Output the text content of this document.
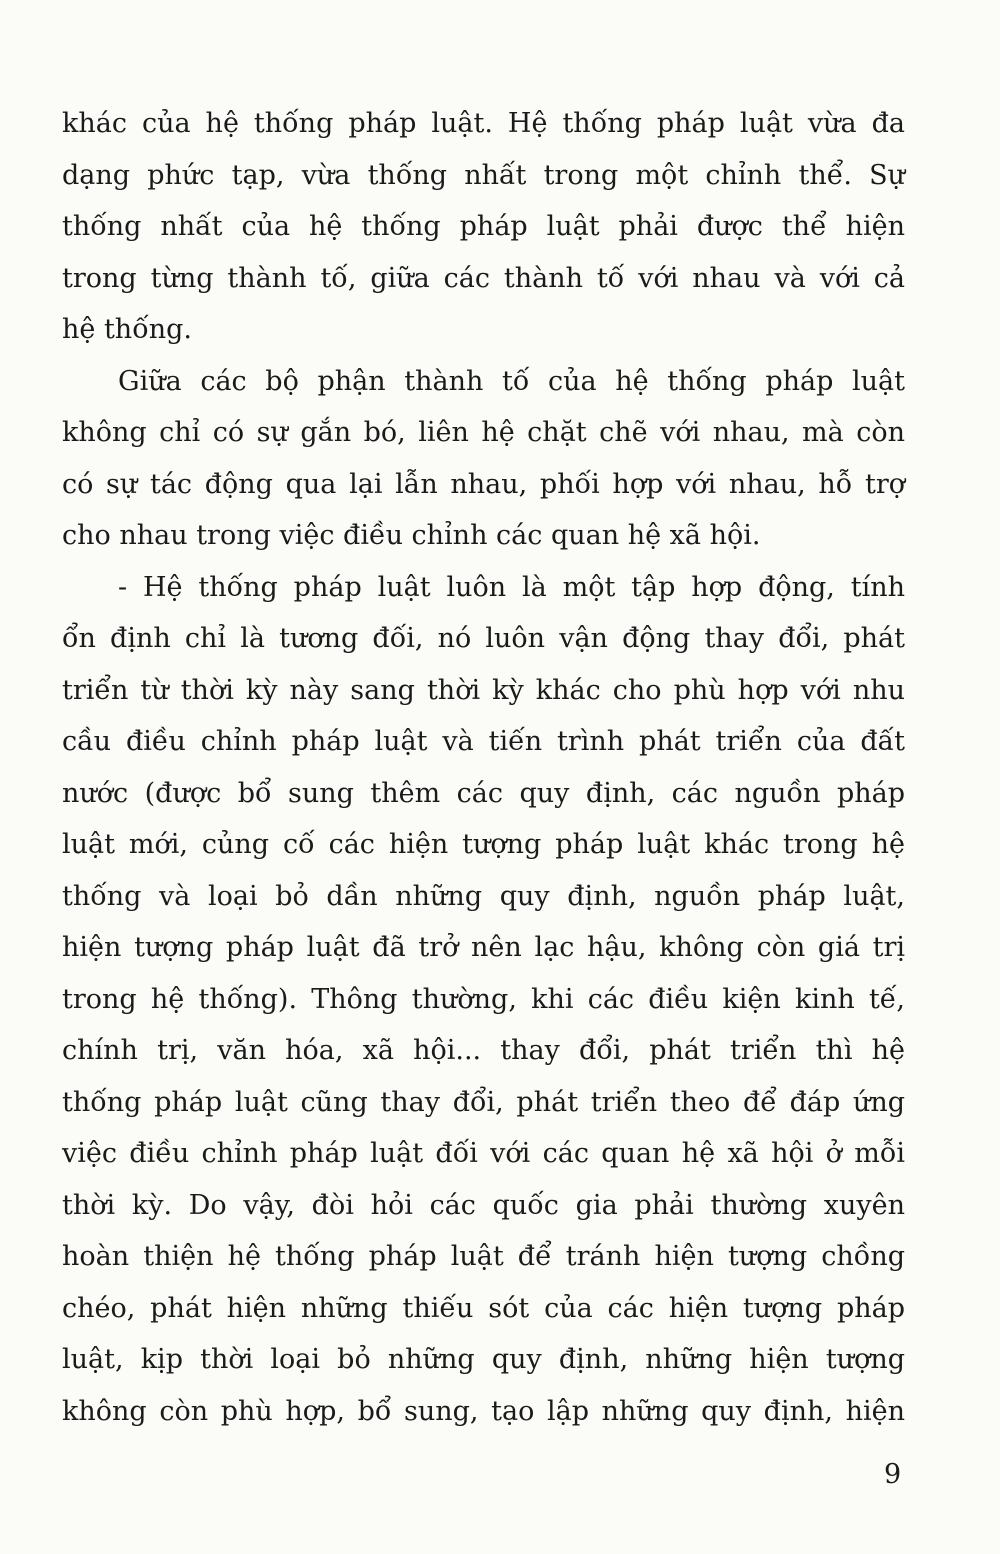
khác của hệ thống pháp luật. Hệ thống pháp luật vừa đa
dạng phức tạp, vừa thống nhất trong một chỉnh thể. Sự
thống nhất của hệ thống pháp luật phải được thể hiện
trong từng thành tố, giữa các thành tố với nhau và với cả
hệ thống.

Giữa các bộ phận thành tố của hệ thống pháp luật
không chỉ có sự gắn bó, liên hệ chặt chẽ với nhau, mà còn
có sự tác động qua lại lẫn nhau, phối hợp với nhau, hỗ trợ
cho nhau trong việc điều chỉnh các quan hệ xã hội.

- Hệ thống pháp luật luôn là một tập hợp động, tính
ổn định chỉ là tương đối, nó luôn vận động thay đổi, phát
triển từ thời kỳ này sang thời kỳ khác cho phù hợp với nhu
cầu điều chỉnh pháp luật và tiến trình phát triển của đất
nước (được bổ sung thêm các quy định, các nguồn pháp
luật mới, củng cố các hiện tượng pháp luật khác trong hệ
thống và loại bỏ dần những quy định, nguồn pháp luật,
hiện tượng pháp luật đã trở nên lạc hậu, không còn giá trị
trong hệ thống). Thông thường, khi các điều kiện kinh tế,
chính trị, văn hóa, xã hội... thay đổi, phát triển thì hệ
thống pháp luật cũng thay đổi, phát triển theo để đáp ứng
việc điều chỉnh pháp luật đối với các quan hệ xã hội ở mỗi
thời kỳ. Do vậy, đòi hỏi các quốc gia phải thường xuyên
hoàn thiện hệ thống pháp luật để tránh hiện tượng chồng
chéo, phát hiện những thiếu sót của các hiện tượng pháp
luật, kịp thời loại bỏ những quy định, những hiện tượng
không còn phù hợp, bổ sung, tạo lập những quy định, hiện

9
